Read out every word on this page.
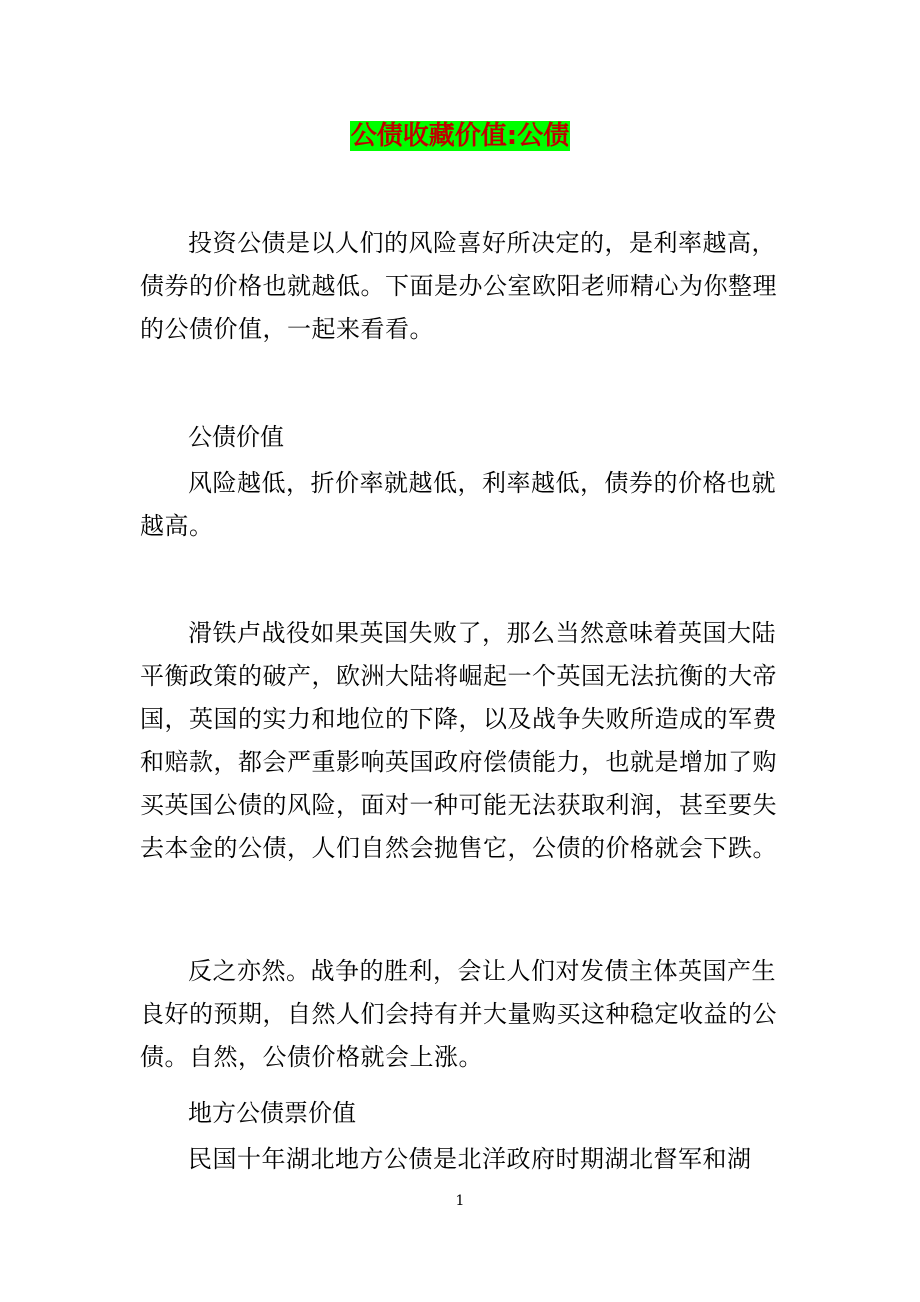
公债收藏价值:公债

投资公债是以人们的风险喜好所决定的，是利率越高，债券的价格也就越低。下面是办公室欧阳老师精心为你整理的公债价值，一起来看看。

公债价值

风险越低，折价率就越低，利率越低，债券的价格也就越高。

滑铁卢战役如果英国失败了，那么当然意味着英国大陆平衡政策的破产，欧洲大陆将崛起一个英国无法抗衡的大帝国，英国的实力和地位的下降，以及战争失败所造成的军费和赔款，都会严重影响英国政府偿债能力，也就是增加了购买英国公债的风险，面对一种可能无法获取利润，甚至要失去本金的公债，人们自然会抛售它，公债的价格就会下跌。

反之亦然。战争的胜利，会让人们对发债主体英国产生良好的预期，自然人们会持有并大量购买这种稳定收益的公债。自然，公债价格就会上涨。

地方公债票价值

民国十年湖北地方公债是北洋政府时期湖北督军和湖

1
